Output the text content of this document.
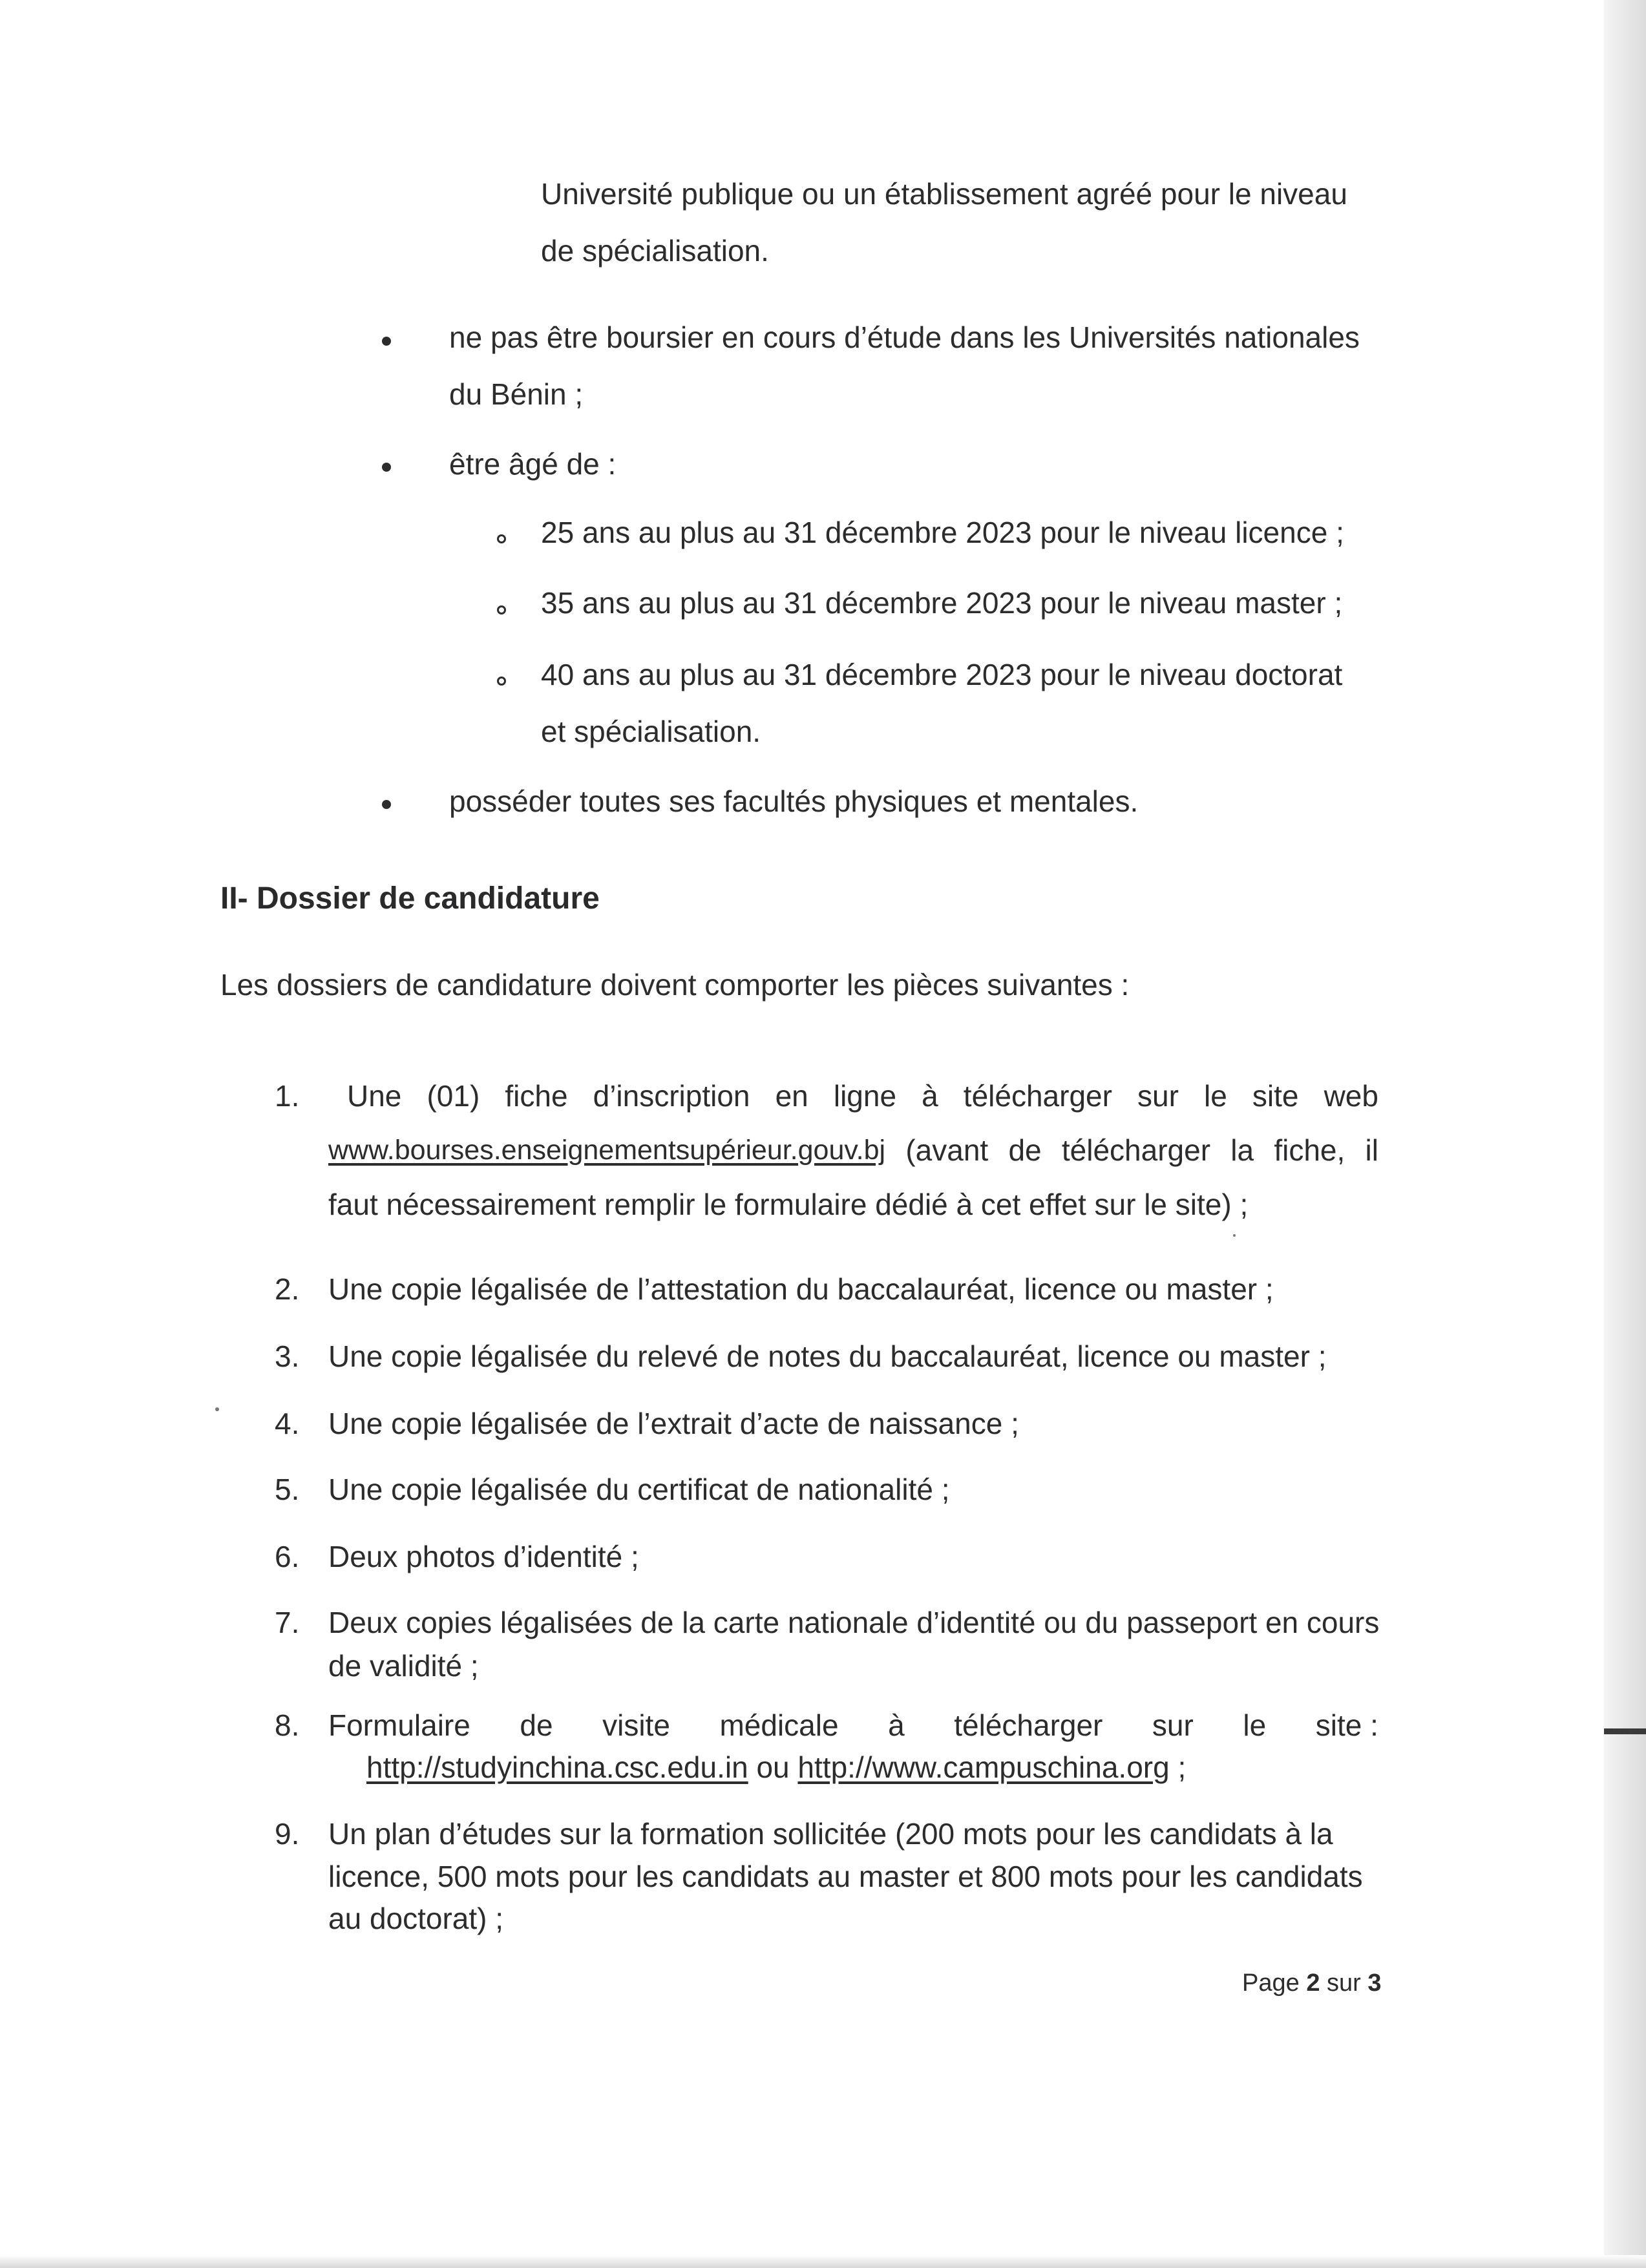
Université publique ou un établissement agréé pour le niveau
de spécialisation.
ne pas être boursier en cours d’étude dans les Universités nationales
du Bénin ;
être âgé de :
25 ans au plus au 31 décembre 2023 pour le niveau licence ;
35 ans au plus au 31 décembre 2023 pour le niveau master ;
40 ans au plus au 31 décembre 2023 pour le niveau doctorat
et spécialisation.
posséder toutes ses facultés physiques et mentales.
II- Dossier de candidature
Les dossiers de candidature doivent comporter les pièces suivantes :
1. Une (01) fiche d’inscription en ligne à télécharger sur le site web
www.bourses.enseignementsupérieur.gouv.bj (avant de télécharger la fiche, il
faut nécessairement remplir le formulaire dédié à cet effet sur le site) ;
2. Une copie légalisée de l’attestation du baccalauréat, licence ou master ;
3. Une copie légalisée du relevé de notes du baccalauréat, licence ou master ;
4. Une copie légalisée de l’extrait d’acte de naissance ;
5. Une copie légalisée du certificat de nationalité ;
6. Deux photos d’identité ;
7. Deux copies légalisées de la carte nationale d’identité ou du passeport en cours
de validité ;
8. Formulaire de visite médicale à télécharger sur le site :
http://studyinchina.csc.edu.in ou http://www.campuschina.org ;
9. Un plan d’études sur la formation sollicitée (200 mots pour les candidats à la
licence, 500 mots pour les candidats au master et 800 mots pour les candidats
au doctorat) ;
Page 2 sur 3
